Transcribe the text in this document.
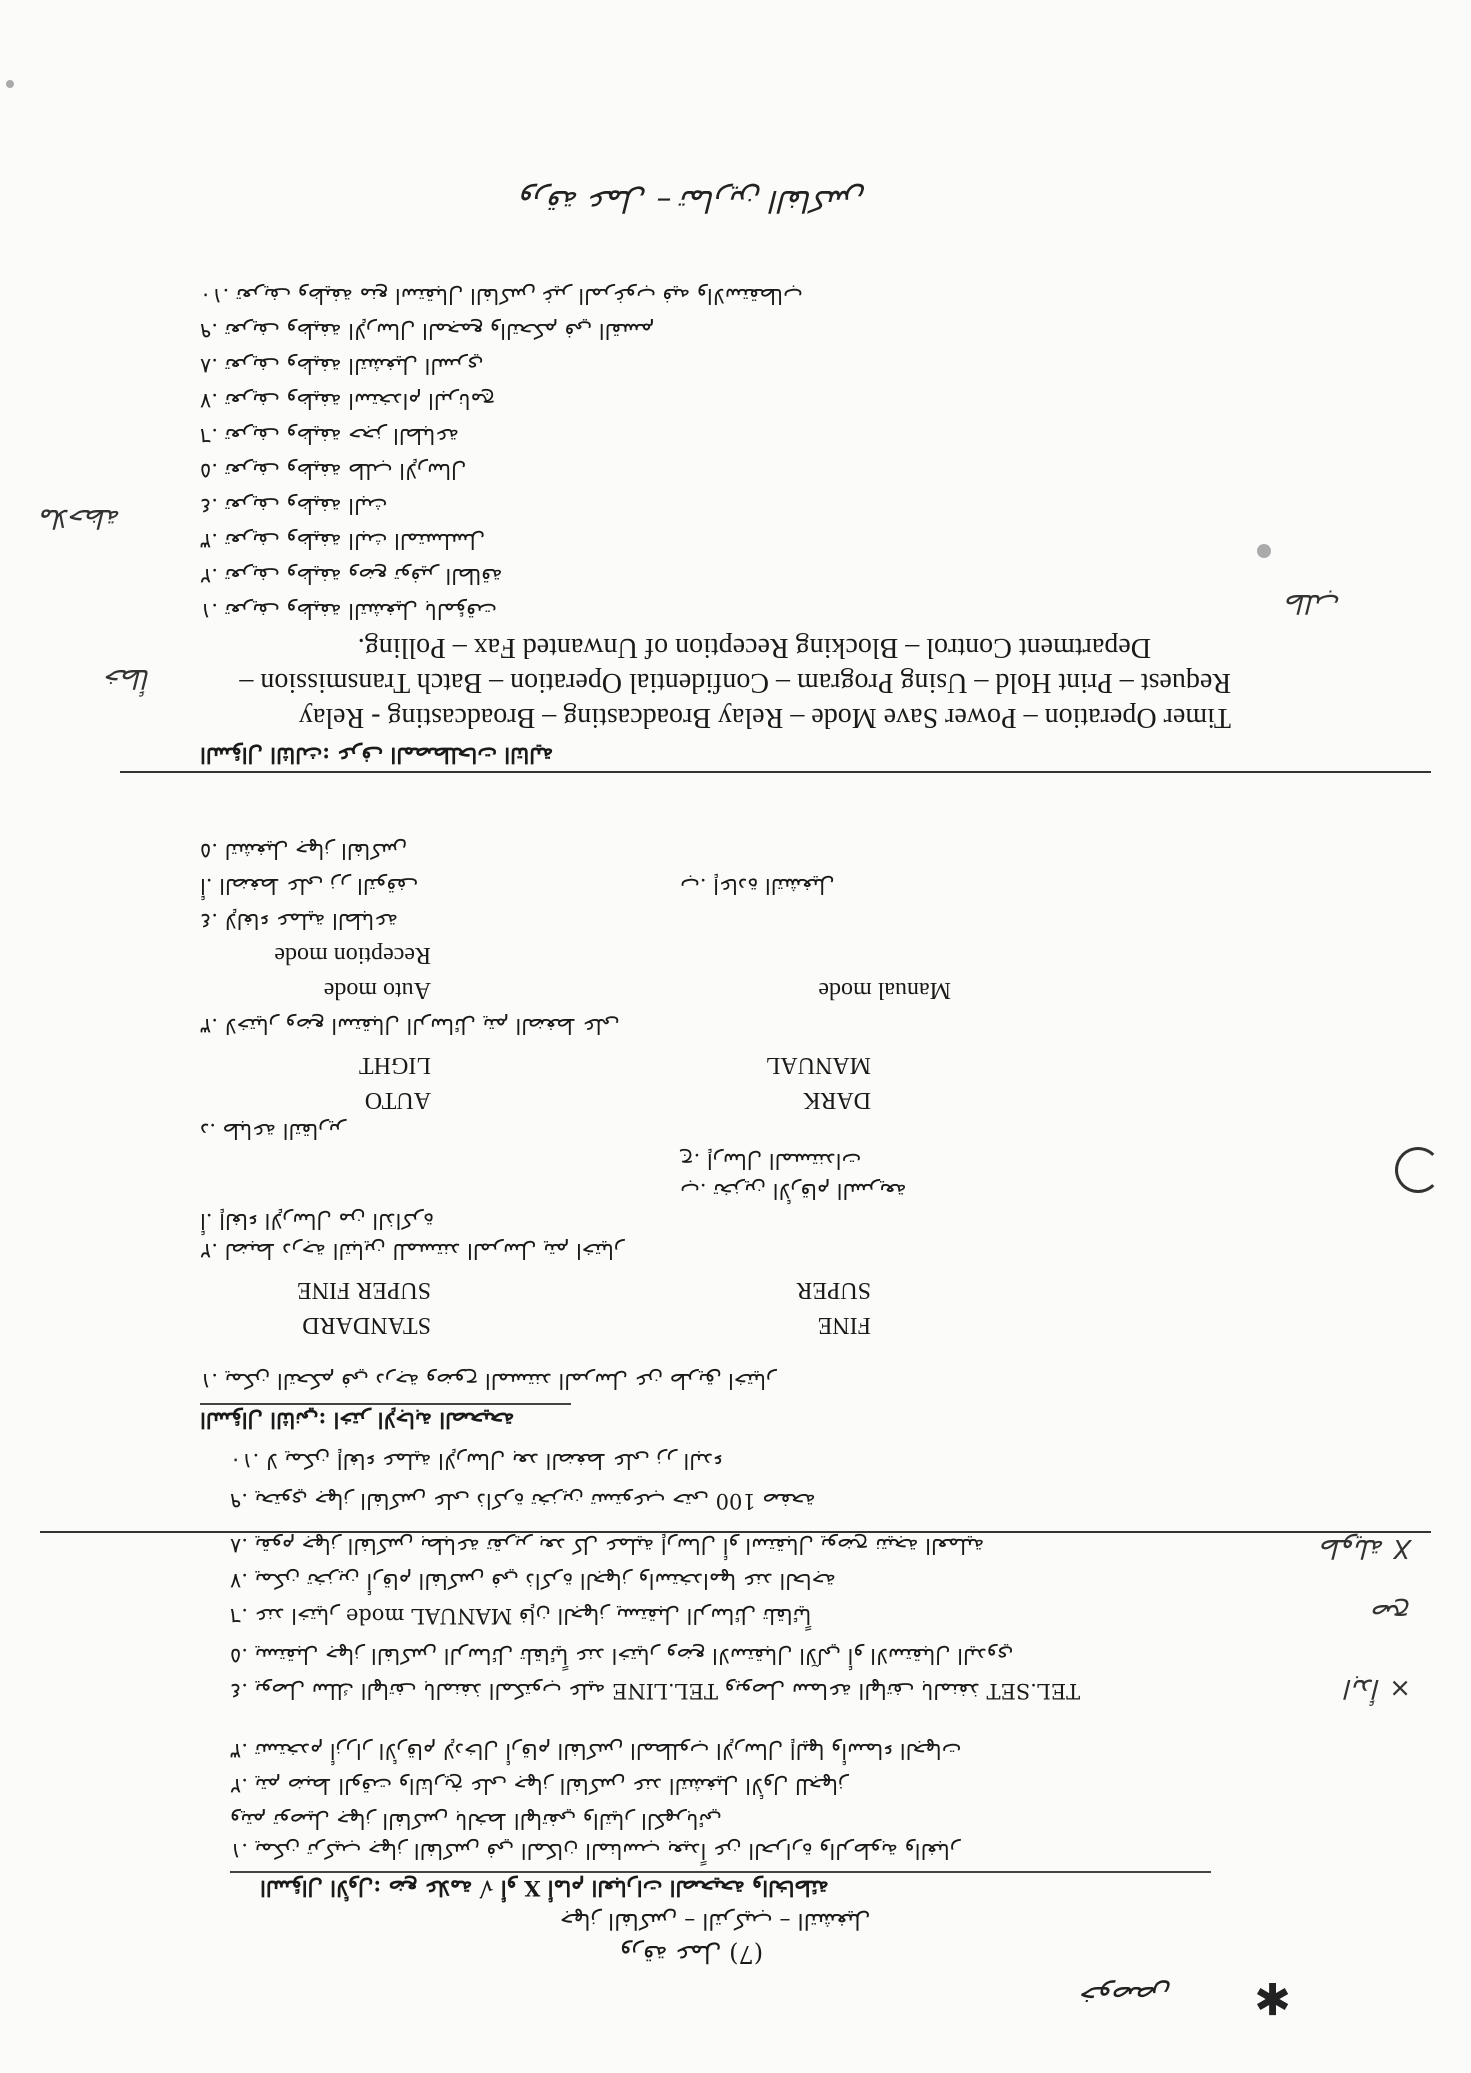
خوصص ✱
ورقة عمل (7)
جهاز الفاكس – التركيب – التشغيل
السؤال الأول: ضع علامة √ أو X أمام العبارات الصحيحة والخاطئة
١. يمكن تركيب جهاز الفاكس في المكان المناسب بعيداً عن الحرارة والرطوبة والغبار
ويتم توصيل جهاز الفاكس بالخط الهاتفي والتيار الكهربائي
٢. يتم ضبط الوقت والتاريخ على جهاز الفاكس عند التشغيل الأول للجهاز
٣. تستخدم أزرار الأرقام لإدخال أرقام الفاكس المطلوب الإرسال إليها وأسماء الجهات
٤. يوصل سلك الهاتف بالمنفذ المكتوب عليه TEL.LINE ويوصل سماعة الهاتف بالمنفذ TEL.SET
٥. يستقبل جهاز الفاكس الرسائل تلقائياً عند اختيار وضع الاستقبال الآلي أو الاستقبال اليدوي
٦. عند اختيار MANUAL mode فإن الجهاز يستقبل الرسائل تلقائياً
٧. يمكن تخزين أرقام الفاكس في ذاكرة الجهاز واستخدامها عند الحاجة
٨. يقوم جهاز الفاكس بطباعة تقرير بعد كل عملية إرسال أو استقبال يوضح نتيجة العملية
٩. يحتوي جهاز الفاكس على ذاكرة تخزين تستوعب حتى 100 صفحة
١٠. لا يمكن إلغاء عملية الإرسال بعد الضغط على زر البدء
× ابدأ
صح
X طويلة
السؤال الثاني: اختر الإجابة الصحيحة
١. يمكن التحكم في درجة وضوح المستند المرسل عن طريق اختيار
STANDARD	FINE
SUPER FINE	SUPER
٢. لضبط درجة التباين للمستند المرسل يتم اختيار
أ. إلغاء الإرسال من الذاكرة
ب. تخزين الأرقام السريعة
ج. إرسال المستندات
د. طباعة التقارير
AUTO	DARK
LIGHT	MANUAL
٣. لاختيار وضع استقبال الرسائل يتم الضغط على
Auto mode	Manual mode
Reception mode
٤. لإلغاء عملية الطباعة
أ. الضغط على زر التوقف	ب. إعادة التشغيل
٥. لتشغيل جهاز الفاكس
السؤال الثالث: عرف المصطلحات التالية
Timer Operation – Power Save Mode – Relay Broadcasting – Broadcasting - Relay
Request – Print Hold – Using Program – Confidential Operation – Batch Transmission –
Department Control – Blocking Reception of Unwanted Fax – Polling.
١. تعريف وظيفة التشغيل بالمؤقت
٢. تعريف وظيفة وضع توفير الطاقة
٣. تعريف وظيفة البث المتسلسل
٤. تعريف وظيفة البث
٥. تعريف وظيفة طلب الإرسال
٦. تعريف وظيفة حجز الطباعة
٧. تعريف وظيفة استخدام البرنامج
٨. تعريف وظيفة التشغيل السري
٩. تعريف وظيفة الإرسال المجمع والتحكم في القسم
١٠. تعريف وظيفة منع استقبال الفاكس غير المرغوب فيه والاستقطاب
خطأ
ملاحظة
طلب
ورقة عمل – تمارين الفاكس
